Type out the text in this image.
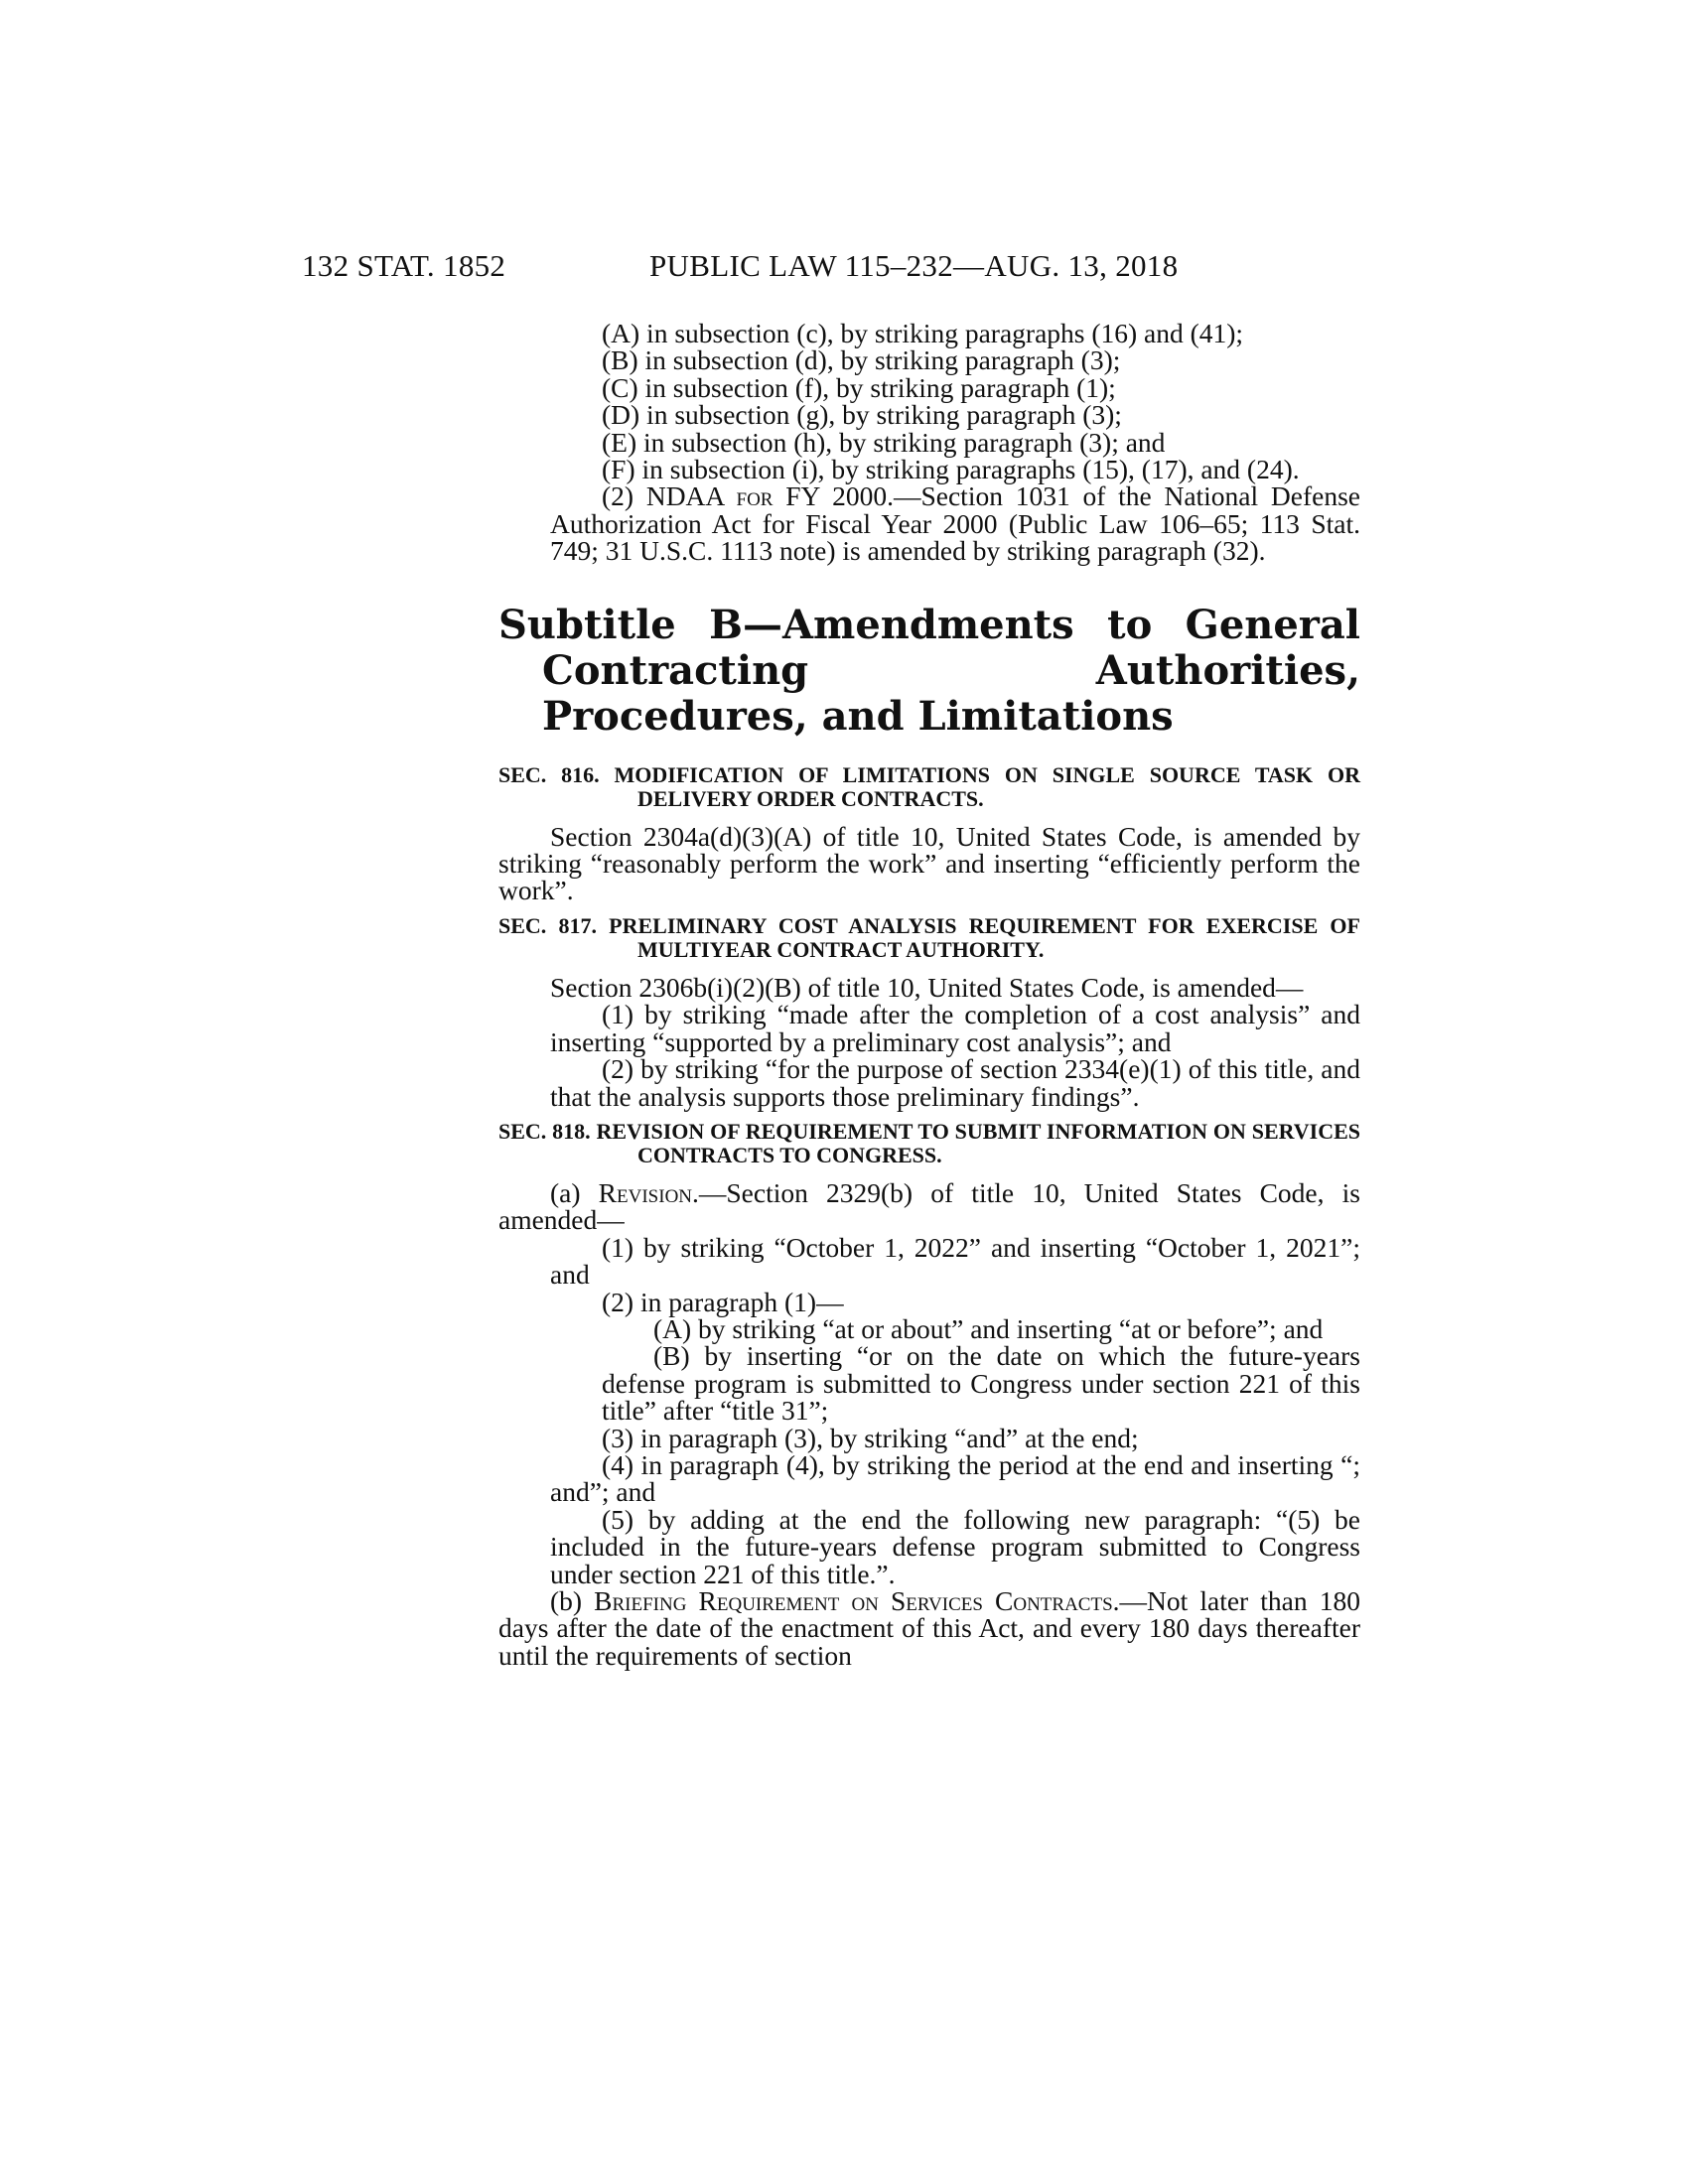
132 STAT. 1852	PUBLIC LAW 115–232—AUG. 13, 2018

(A) in subsection (c), by striking paragraphs (16) and (41);

(B) in subsection (d), by striking paragraph (3);

(C) in subsection (f), by striking paragraph (1);

(D) in subsection (g), by striking paragraph (3);

(E) in subsection (h), by striking paragraph (3); and

(F) in subsection (i), by striking paragraphs (15), (17), and (24).

(2) NDAA for FY 2000.—Section 1031 of the National Defense Authorization Act for Fiscal Year 2000 (Public Law 106–65; 113 Stat. 749; 31 U.S.C. 1113 note) is amended by striking paragraph (32).

Subtitle B—Amendments to General Contracting Authorities, Procedures, and Limitations
SEC. 816. MODIFICATION OF LIMITATIONS ON SINGLE SOURCE TASK OR DELIVERY ORDER CONTRACTS.

Section 2304a(d)(3)(A) of title 10, United States Code, is amended by striking “reasonably perform the work” and inserting “efficiently perform the work”.

SEC. 817. PRELIMINARY COST ANALYSIS REQUIREMENT FOR EXERCISE OF MULTIYEAR CONTRACT AUTHORITY.

Section 2306b(i)(2)(B) of title 10, United States Code, is amended—

(1) by striking “made after the completion of a cost analysis” and inserting “supported by a preliminary cost analysis”; and

(2) by striking “for the purpose of section 2334(e)(1) of this title, and that the analysis supports those preliminary findings”.

SEC. 818. REVISION OF REQUIREMENT TO SUBMIT INFORMATION ON SERVICES CONTRACTS TO CONGRESS.

(a) Revision.—Section 2329(b) of title 10, United States Code, is amended—

(1) by striking “October 1, 2022” and inserting “October 1, 2021”; and

(2) in paragraph (1)—

(A) by striking “at or about” and inserting “at or before”; and

(B) by inserting “or on the date on which the future-years defense program is submitted to Congress under section 221 of this title” after “title 31”;

(3) in paragraph (3), by striking “and” at the end;

(4) in paragraph (4), by striking the period at the end and inserting “; and”; and

(5) by adding at the end the following new paragraph: “(5) be included in the future-years defense program submitted to Congress under section 221 of this title.”.

(b) Briefing Requirement on Services Contracts.—Not later than 180 days after the date of the enactment of this Act, and every 180 days thereafter until the requirements of section
